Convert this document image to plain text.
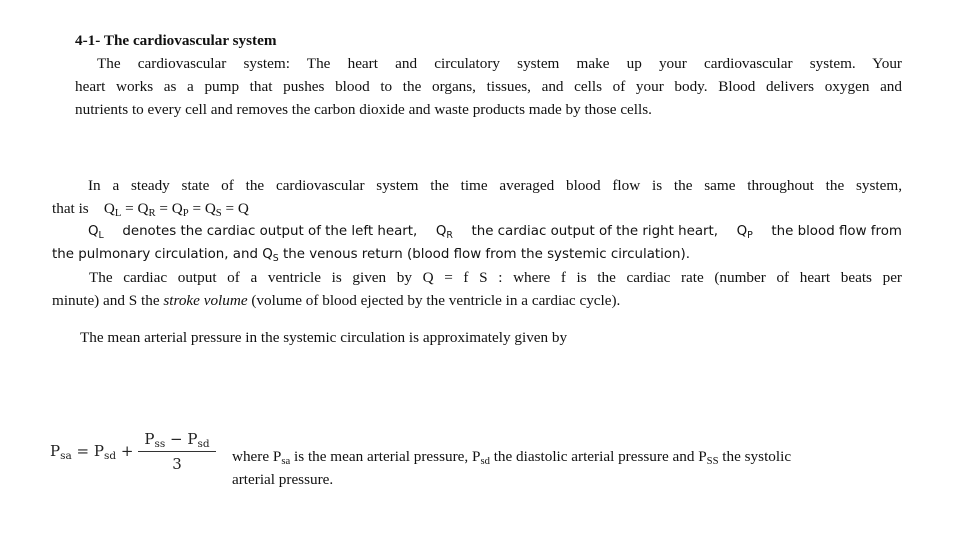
4-1- The cardiovascular system
The cardiovascular system: The heart and circulatory system make up your cardiovascular system. Your
heart works as a pump that pushes blood to the organs, tissues, and cells of your body. Blood delivers oxygen and
nutrients to every cell and removes the carbon dioxide and waste products made by those cells.
In a steady state of the cardiovascular system the time averaged blood flow is the same throughout the system,
that is $Q_L = Q_R = Q_P = Q_S = Q$
$Q_L$ denotes the cardiac output of the left heart, $Q_R$ the cardiac output of the right heart, $Q_P$ the blood flow from
the pulmonary circulation, and $Q_S$ the venous return (blood flow from the systemic circulation).
The cardiac output of a ventricle is given by Q = f S : where f is the cardiac rate (number of heart beats per
minute) and S the stroke volume (volume of blood ejected by the ventricle in a cardiac cycle).
The mean arterial pressure in the systemic circulation is approximately given by
$P_{sa} = P_{sd}$ +
$P_{ss} - P_{sd}$
3	where $P_{sa}$ is the mean arterial pressure, $P_{sd}$ the diastolic arterial pressure and $P_{SS}$ the systolic
arterial pressure.
